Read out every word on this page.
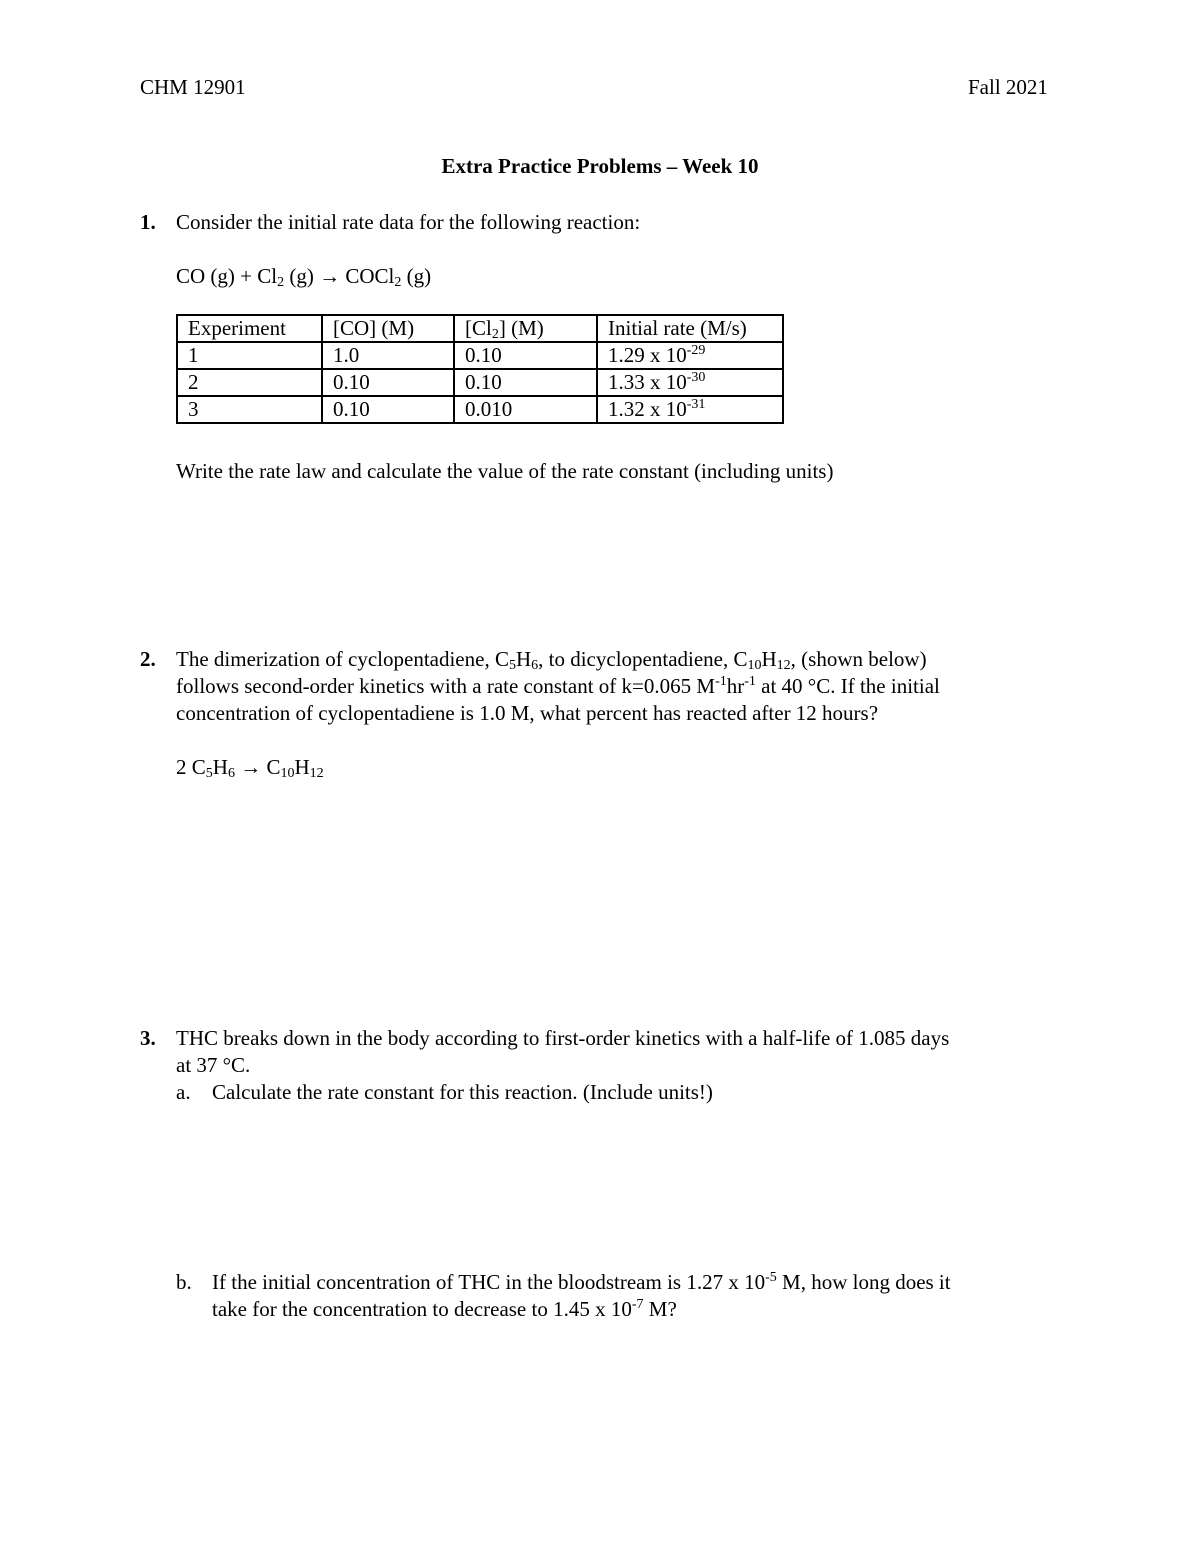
CHM 12901	Fall 2021
Extra Practice Problems – Week 10
1. Consider the initial rate data for the following reaction:
CO $(g) + Cl_2$ (g) → COCl$_2$ (g)
Experiment	[CO] (M)	$[Cl_2]$ (M)	Initial rate (M/s)
1	1.0	0.10	1.29 x $10^{-29}$
2	0.10	0.10	1.33 x $10^{-30}$
3	0.10	0.010	1.32 x $10^{-31}$
Write the rate law and calculate the value of the rate constant (including units)
2. The dimerization of cyclopentadiene, $C_5H_6$, to dicyclopentadiene, $C_{10}H_{12}$, (shown below)
follows second-order kinetics with a rate constant of k=0.065 $M^{-1}hr^{-1}$ at 40 °C. If the initial
concentration of cyclopentadiene is 1.0 M, what percent has reacted after 12 hours?
2 $C_5H_6 \to C_{10}H_{12}$
3. THC breaks down in the body according to first-order kinetics with a half-life of 1.085 days
at 37 °C.
a. Calculate the rate constant for this reaction. (Include units!)
b. If the initial concentration of THC in the bloodstream is 1.27 x $10^{-5}$ M, how long does it
take for the concentration to decrease to 1.45 x $10^{-7}$ M?
